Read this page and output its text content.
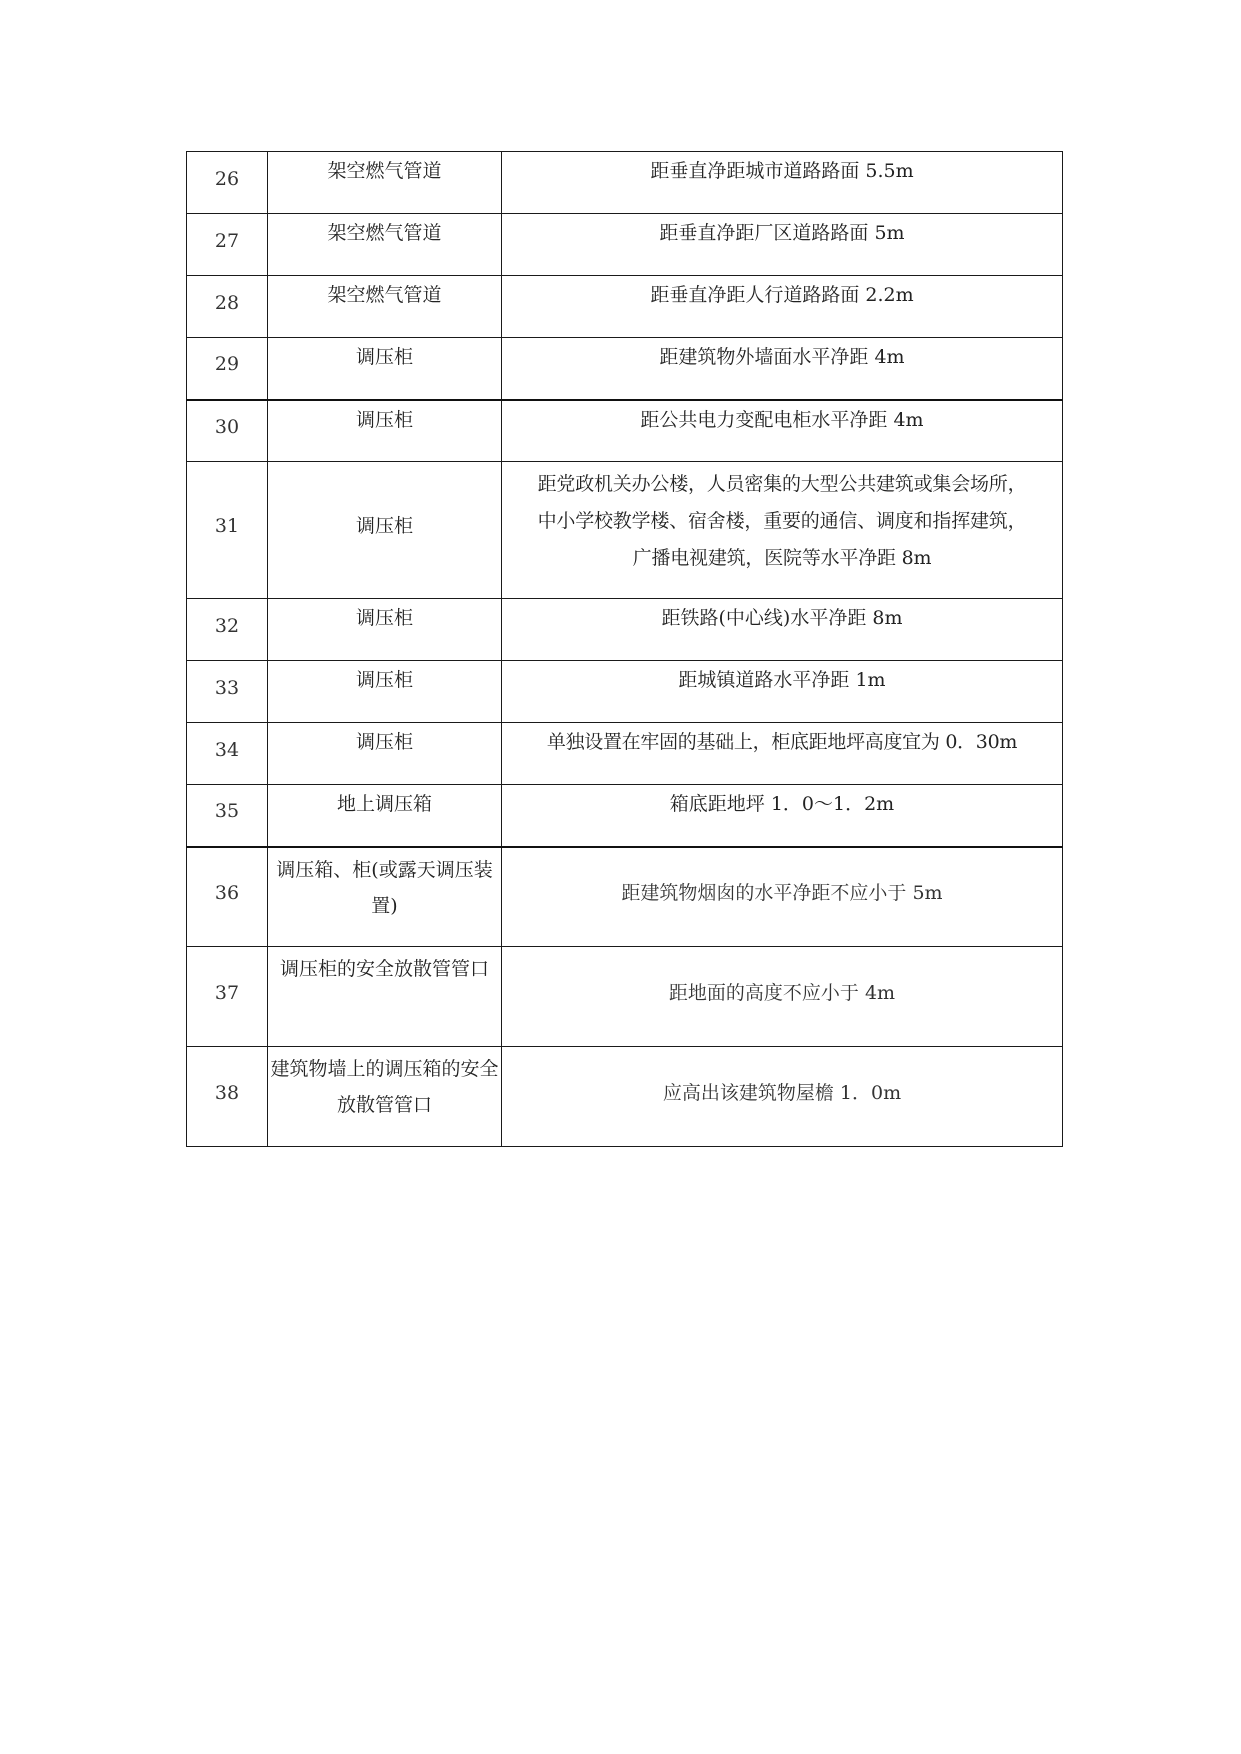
26	架空燃气管道	距垂直净距城市道路路面 5.5m
27	架空燃气管道	距垂直净距厂区道路路面 5m
28	架空燃气管道	距垂直净距人行道路路面 2.2m
29	调压柜	距建筑物外墙面水平净距 4m
30	调压柜	距公共电力变配电柜水平净距 4m
31	调压柜	距党政机关办公楼，人员密集的大型公共建筑或集会场所，
中小学校教学楼、宿舍楼，重要的通信、调度和指挥建筑，
广播电视建筑，医院等水平净距 8m

32	调压柜	距铁路(中心线)水平净距 8m
33	调压柜	距城镇道路水平净距 1m
34	调压柜	单独设置在牢固的基础上，柜底距地坪高度宜为 0．30m
35	地上调压箱	箱底距地坪 1．0～1．2m
36	调压箱、柜(或露天调压装置)	距建筑物烟囱的水平净距不应小于 5m
37	调压柜的安全放散管管口	距地面的高度不应小于 4m
38	建筑物墙上的调压箱的安全放散管管口	应高出该建筑物屋檐 1．0m
